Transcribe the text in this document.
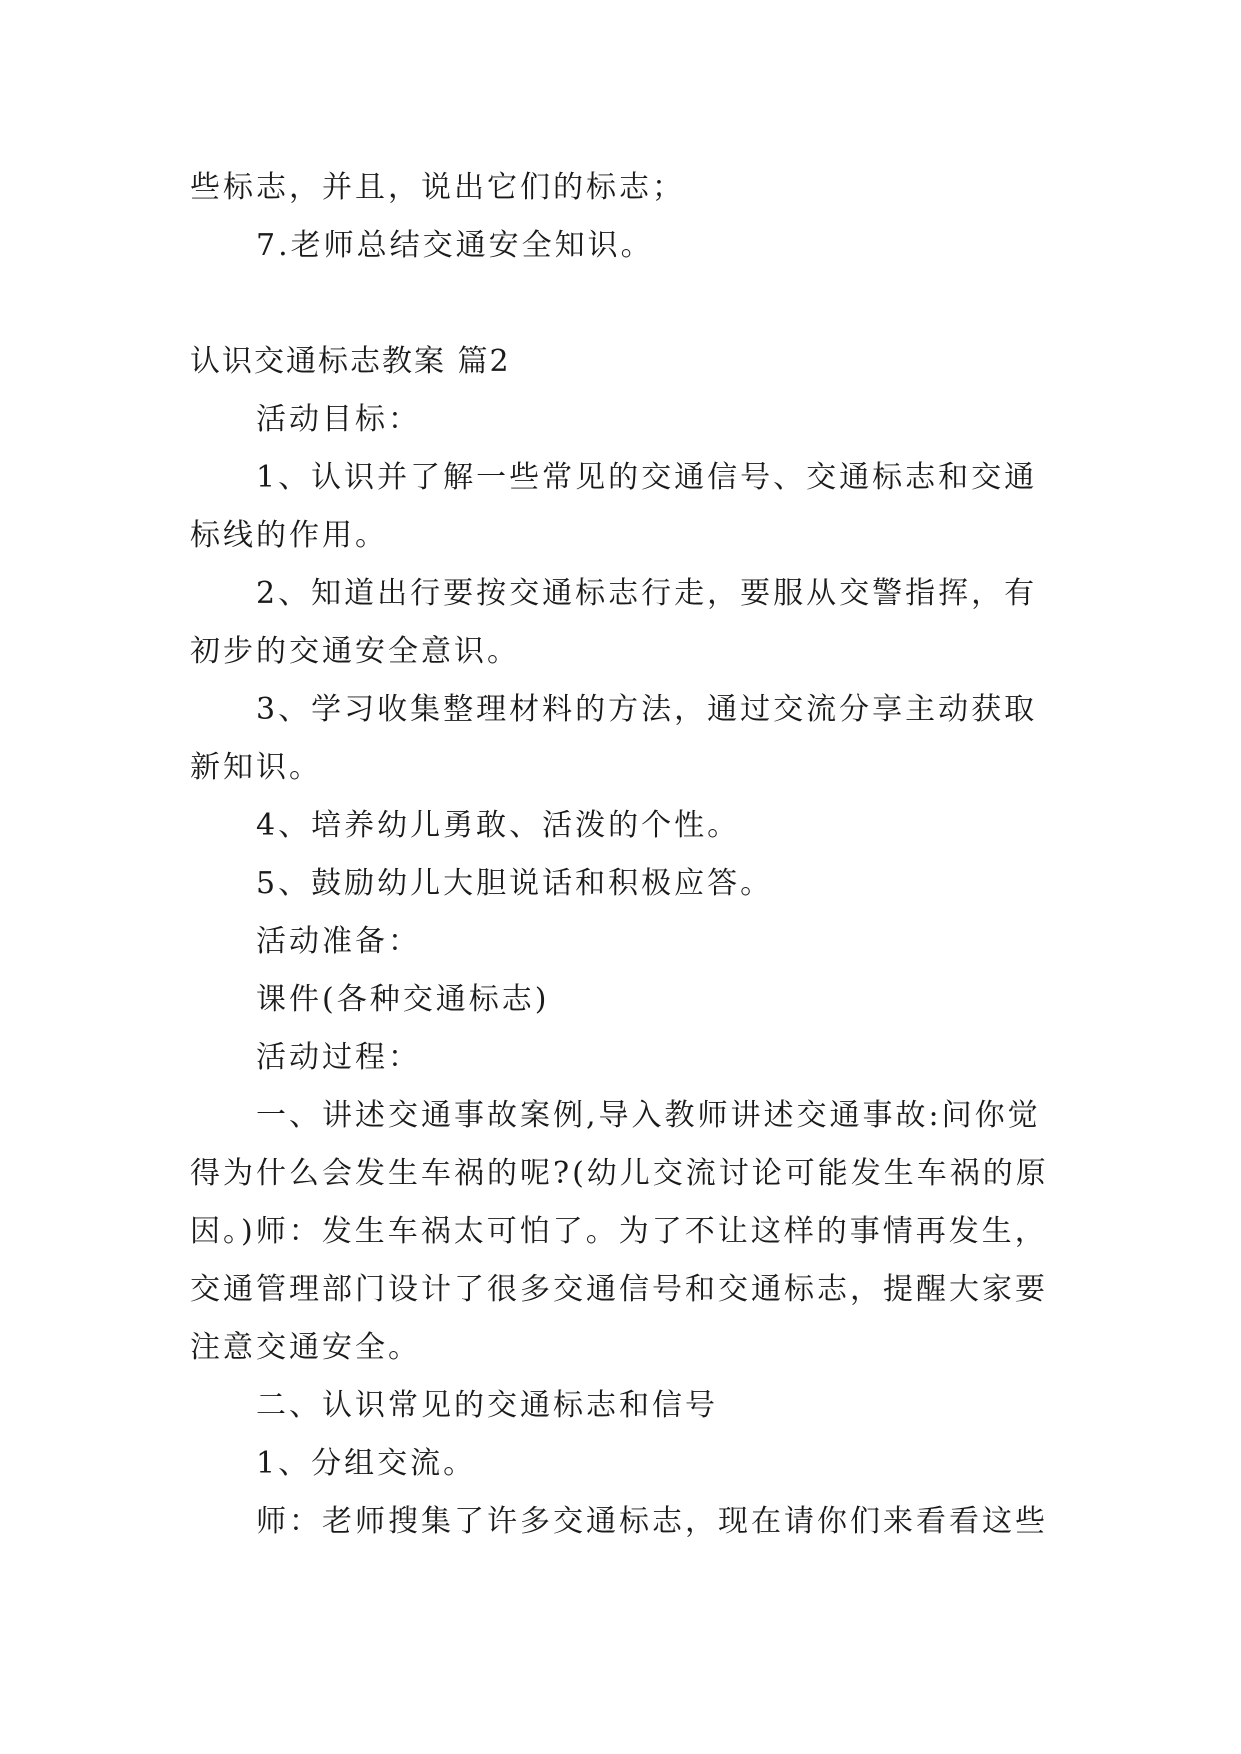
些标志，并且，说出它们的标志；
7.老师总结交通安全知识。
认识交通标志教案 篇2
活动目标：
1、认识并了解一些常见的交通信号、交通标志和交通
标线的作用。
2、知道出行要按交通标志行走，要服从交警指挥，有
初步的交通安全意识。
3、学习收集整理材料的方法，通过交流分享主动获取
新知识。
4、培养幼儿勇敢、活泼的个性。
5、鼓励幼儿大胆说话和积极应答。
活动准备：
课件(各种交通标志)
活动过程：
一、讲述交通事故案例,导入教师讲述交通事故:问你觉
得为什么会发生车祸的呢?(幼儿交流讨论可能发生车祸的原
因。)师：发生车祸太可怕了。为了不让这样的事情再发生，
交通管理部门设计了很多交通信号和交通标志，提醒大家要
注意交通安全。
二、认识常见的交通标志和信号
1、分组交流。
师：老师搜集了许多交通标志，现在请你们来看看这些
